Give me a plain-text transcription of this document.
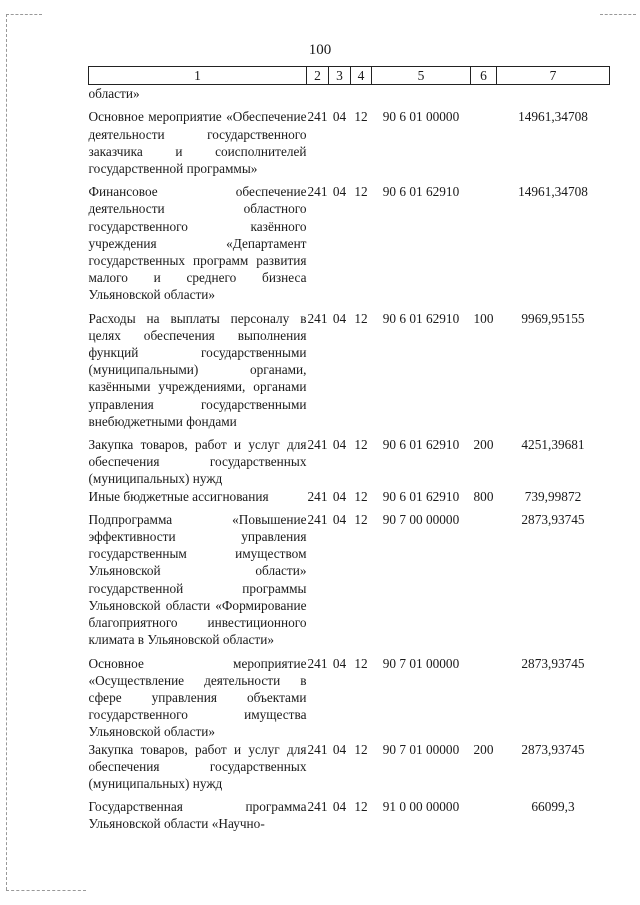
100
1	2	3	4	5	6	7
области»						
Основное мероприятие «Обеспечение деятельности государственного заказчика и соисполнителей государственной программы»	241	04	12	90 6 01 00000		14961,34708
Финансовое обеспечение деятельности областного государственного казённого учреждения «Департамент государственных программ развития малого и среднего бизнеса Ульяновской области»	241	04	12	90 6 01 62910		14961,34708
Расходы на выплаты персоналу в целях обеспечения выполнения функций государственными (муниципальными) органами, казёнными учреждениями, органами управления государственными внебюджетными фондами	241	04	12	90 6 01 62910	100	9969,95155
Закупка товаров, работ и услуг для обеспечения государственных (муниципальных) нужд	241	04	12	90 6 01 62910	200	4251,39681
Иные бюджетные ассигнования	241	04	12	90 6 01 62910	800	739,99872
Подпрограмма «Повышение эффективности управления государственным имуществом Ульяновской области» государственной программы Ульяновской области «Формирование благоприятного инвестиционного климата в Ульяновской области»	241	04	12	90 7 00 00000		2873,93745
Основное мероприятие «Осуществление деятельности в сфере управления объектами государственного имущества Ульяновской области»	241	04	12	90 7 01 00000		2873,93745
Закупка товаров, работ и услуг для обеспечения государственных (муниципальных) нужд	241	04	12	90 7 01 00000	200	2873,93745
Государственная программа Ульяновской области «Научно-	241	04	12	91 0 00 00000		66099,3
